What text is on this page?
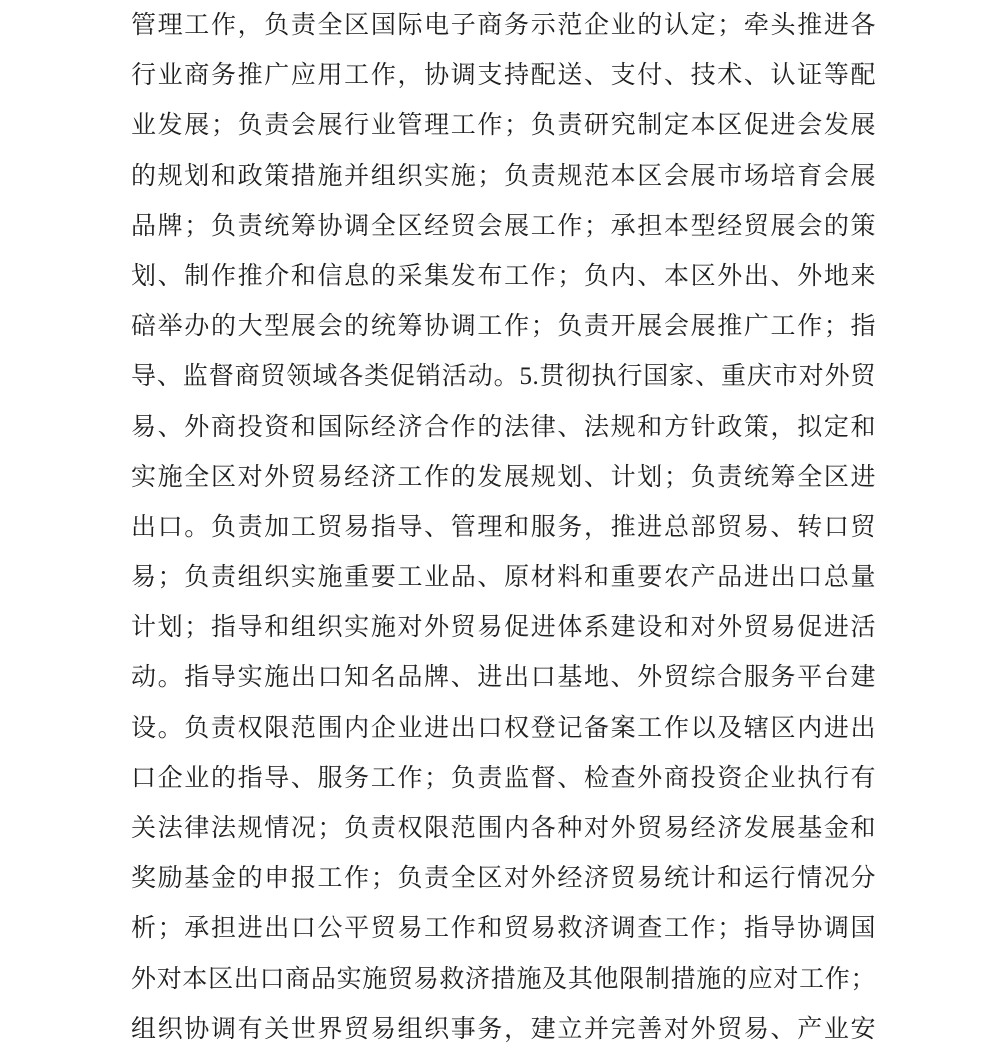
管理工作，负责全区国际电子商务示范企业的认定；牵头推进各
行业商务推广应用工作，协调支持配送、支付、技术、认证等配
业发展；负责会展行业管理工作；负责研究制定本区促进会发展
的规划和政策措施并组织实施；负责规范本区会展市场培育会展
品牌；负责统筹协调全区经贸会展工作；承担本型经贸展会的策
划、制作推介和信息的采集发布工作；负内、本区外出、外地来
碚举办的大型展会的统筹协调工作；负责开展会展推广工作；指
导、监督商贸领域各类促销活动。5.贯彻执行国家、重庆市对外贸
易、外商投资和国际经济合作的法律、法规和方针政策，拟定和
实施全区对外贸易经济工作的发展规划、计划；负责统筹全区进
出口。负责加工贸易指导、管理和服务，推进总部贸易、转口贸
易；负责组织实施重要工业品、原材料和重要农产品进出口总量
计划；指导和组织实施对外贸易促进体系建设和对外贸易促进活
动。指导实施出口知名品牌、进出口基地、外贸综合服务平台建
设。负责权限范围内企业进出口权登记备案工作以及辖区内进出
口企业的指导、服务工作；负责监督、检查外商投资企业执行有
关法律法规情况；负责权限范围内各种对外贸易经济发展基金和
奖励基金的申报工作；负责全区对外经济贸易统计和运行情况分
析；承担进出口公平贸易工作和贸易救济调查工作；指导协调国
外对本区出口商品实施贸易救济措施及其他限制措施的应对工作；
组织协调有关世界贸易组织事务，建立并完善对外贸易、产业安
